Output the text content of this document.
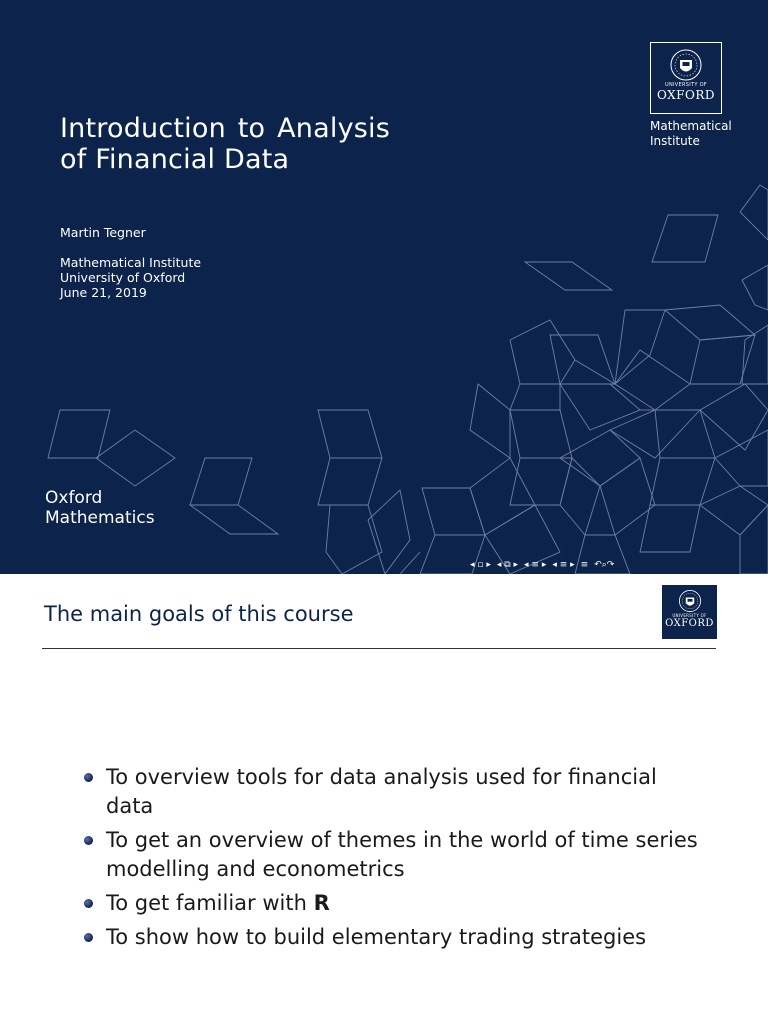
Introduction to Analysis
of Financial Data
Martin Tegner
Mathematical Institute
University of Oxford
June 21, 2019
Oxford
Mathematics
UNIVERSITY OF
OXFORD
Mathematical
Institute
◂ ▫ ▸ ◂ ⧉ ▸ ◂ ≡ ▸ ◂ ≡ ▸ ≡ ↶⌕↷
The main goals of this course	UNIVERSITY OF
OXFORD
To overview tools for data analysis used for financial data
To get an overview of themes in the world of time series modelling and econometrics
To get familiar with R
To show how to build elementary trading strategies
